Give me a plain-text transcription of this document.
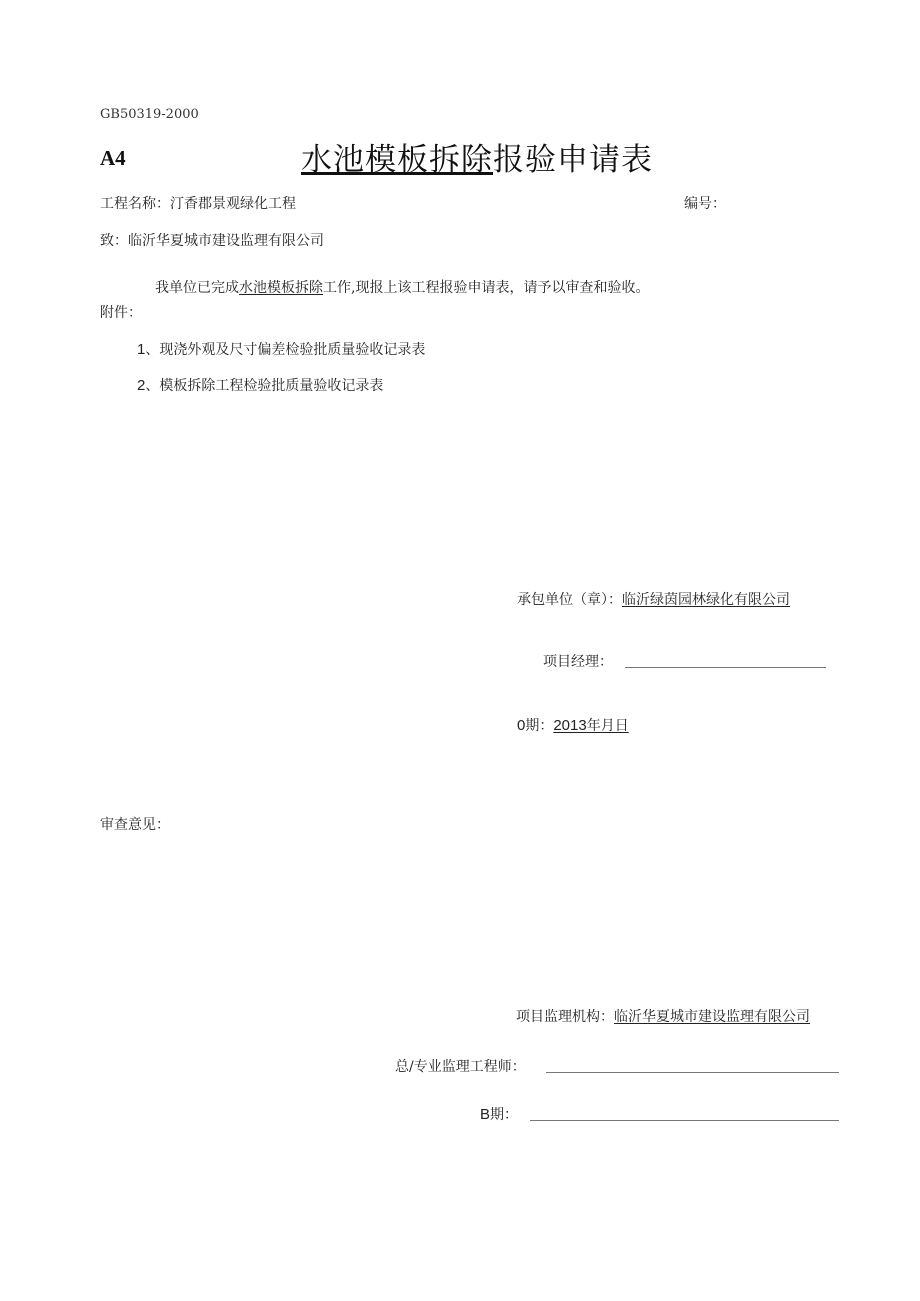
GB50319-2000
A4	水池模板拆除报验申请表
工程名称：汀香郡景观绿化工程	编号：
致：临沂华夏城市建设监理有限公司
我单位已完成水池模板拆除工作,现报上该工程报验申请表，请予以审查和验收。
附件：
1、现浇外观及尺寸偏差检验批质量验收记录表
2、模板拆除工程检验批质量验收记录表
承包单位（章）：临沂绿茵园林绿化有限公司
项目经理：
0期：2013年月日
审查意见：
项目监理机构：临沂华夏城市建设监理有限公司
总/专业监理工程师：
B期：
